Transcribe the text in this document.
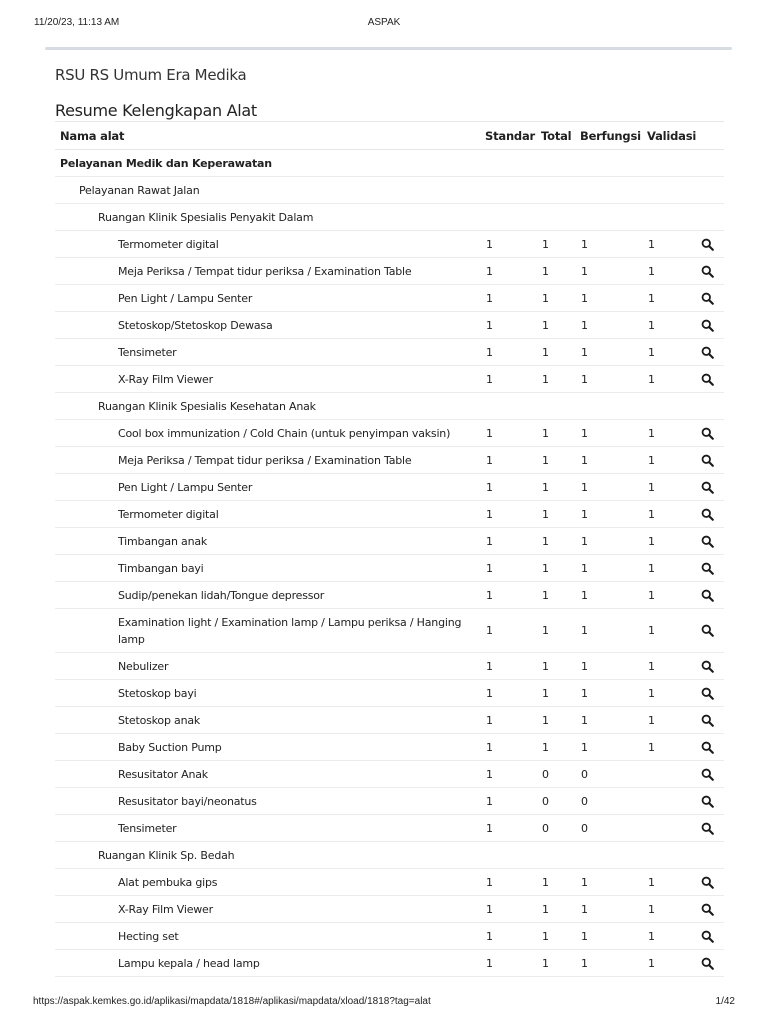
11/20/23, 11:13 AM	ASPAK
RSU RS Umum Era Medika
Resume Kelengkapan Alat
Nama alat	Standar	Total	Berfungsi	Validasi	
Pelayanan Medik dan Keperawatan					
Pelayanan Rawat Jalan					
Ruangan Klinik Spesialis Penyakit Dalam					
Termometer digital	1	1	1	1	
Meja Periksa / Tempat tidur periksa / Examination Table	1	1	1	1	
Pen Light / Lampu Senter	1	1	1	1	
Stetoskop/Stetoskop Dewasa	1	1	1	1	
Tensimeter	1	1	1	1	
X-Ray Film Viewer	1	1	1	1	
Ruangan Klinik Spesialis Kesehatan Anak					
Cool box immunization / Cold Chain (untuk penyimpan vaksin)	1	1	1	1	
Meja Periksa / Tempat tidur periksa / Examination Table	1	1	1	1	
Pen Light / Lampu Senter	1	1	1	1	
Termometer digital	1	1	1	1	
Timbangan anak	1	1	1	1	
Timbangan bayi	1	1	1	1	
Sudip/penekan lidah/Tongue depressor	1	1	1	1	
Examination light / Examination lamp / Lampu periksa / Hanging lamp	1	1	1	1	
Nebulizer	1	1	1	1	
Stetoskop bayi	1	1	1	1	
Stetoskop anak	1	1	1	1	
Baby Suction Pump	1	1	1	1	
Resusitator Anak	1	0	0		
Resusitator bayi/neonatus	1	0	0		
Tensimeter	1	0	0		
Ruangan Klinik Sp. Bedah					
Alat pembuka gips	1	1	1	1	
X-Ray Film Viewer	1	1	1	1	
Hecting set	1	1	1	1	
Lampu kepala / head lamp	1	1	1	1	
https://aspak.kemkes.go.id/aplikasi/mapdata/1818#/aplikasi/mapdata/xload/1818?tag=alat	1/42
